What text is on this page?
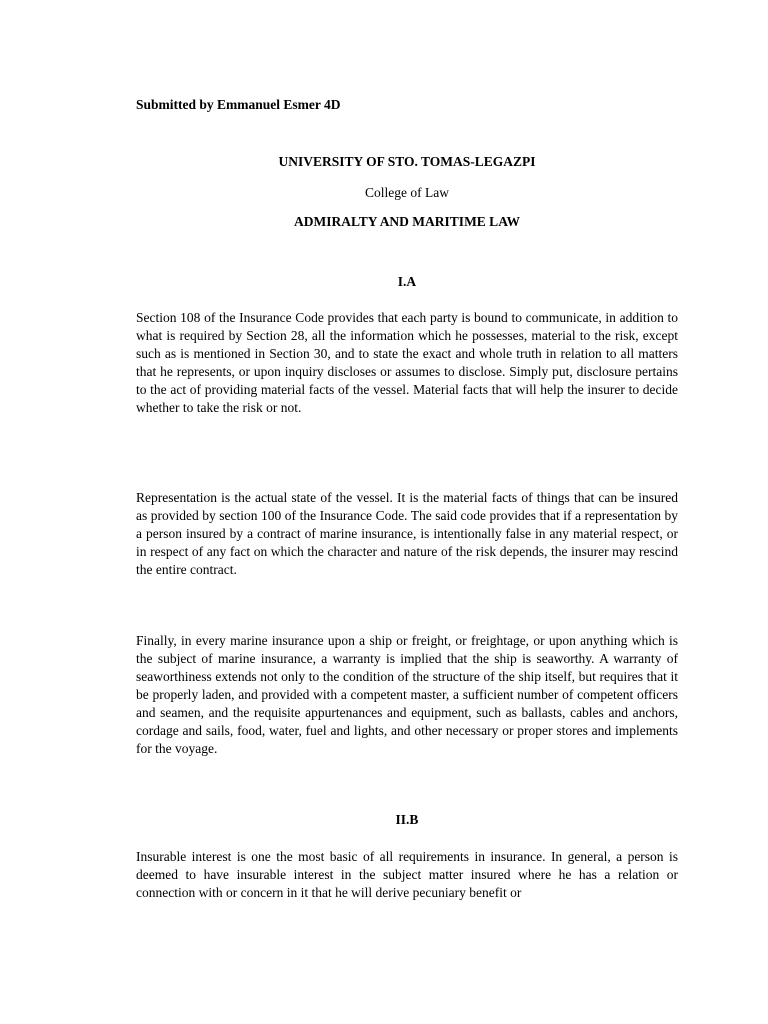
Submitted by Emmanuel Esmer 4D
UNIVERSITY OF STO. TOMAS-LEGAZPI
College of Law
ADMIRALTY AND MARITIME LAW
I.A

Section 108 of the Insurance Code provides that each party is bound to communicate, in addition to what is required by Section 28, all the information which he possesses, material to the risk, except such as is mentioned in Section 30, and to state the exact and whole truth in relation to all matters that he represents, or upon inquiry discloses or assumes to disclose. Simply put, disclosure pertains to the act of providing material facts of the vessel. Material facts that will help the insurer to decide whether to take the risk or not.

Representation is the actual state of the vessel. It is the material facts of things that can be insured as provided by section 100 of the Insurance Code. The said code provides that if a representation by a person insured by a contract of marine insurance, is intentionally false in any material respect, or in respect of any fact on which the character and nature of the risk depends, the insurer may rescind the entire contract.

Finally, in every marine insurance upon a ship or freight, or freightage, or upon anything which is the subject of marine insurance, a warranty is implied that the ship is seaworthy. A warranty of seaworthiness extends not only to the condition of the structure of the ship itself, but requires that it be properly laden, and provided with a competent master, a sufficient number of competent officers and seamen, and the requisite appurtenances and equipment, such as ballasts, cables and anchors, cordage and sails, food, water, fuel and lights, and other necessary or proper stores and implements for the voyage.

II.B

Insurable interest is one the most basic of all requirements in insurance. In general, a person is deemed to have insurable interest in the subject matter insured where he has a relation or connection with or concern in it that he will derive pecuniary benefit or
